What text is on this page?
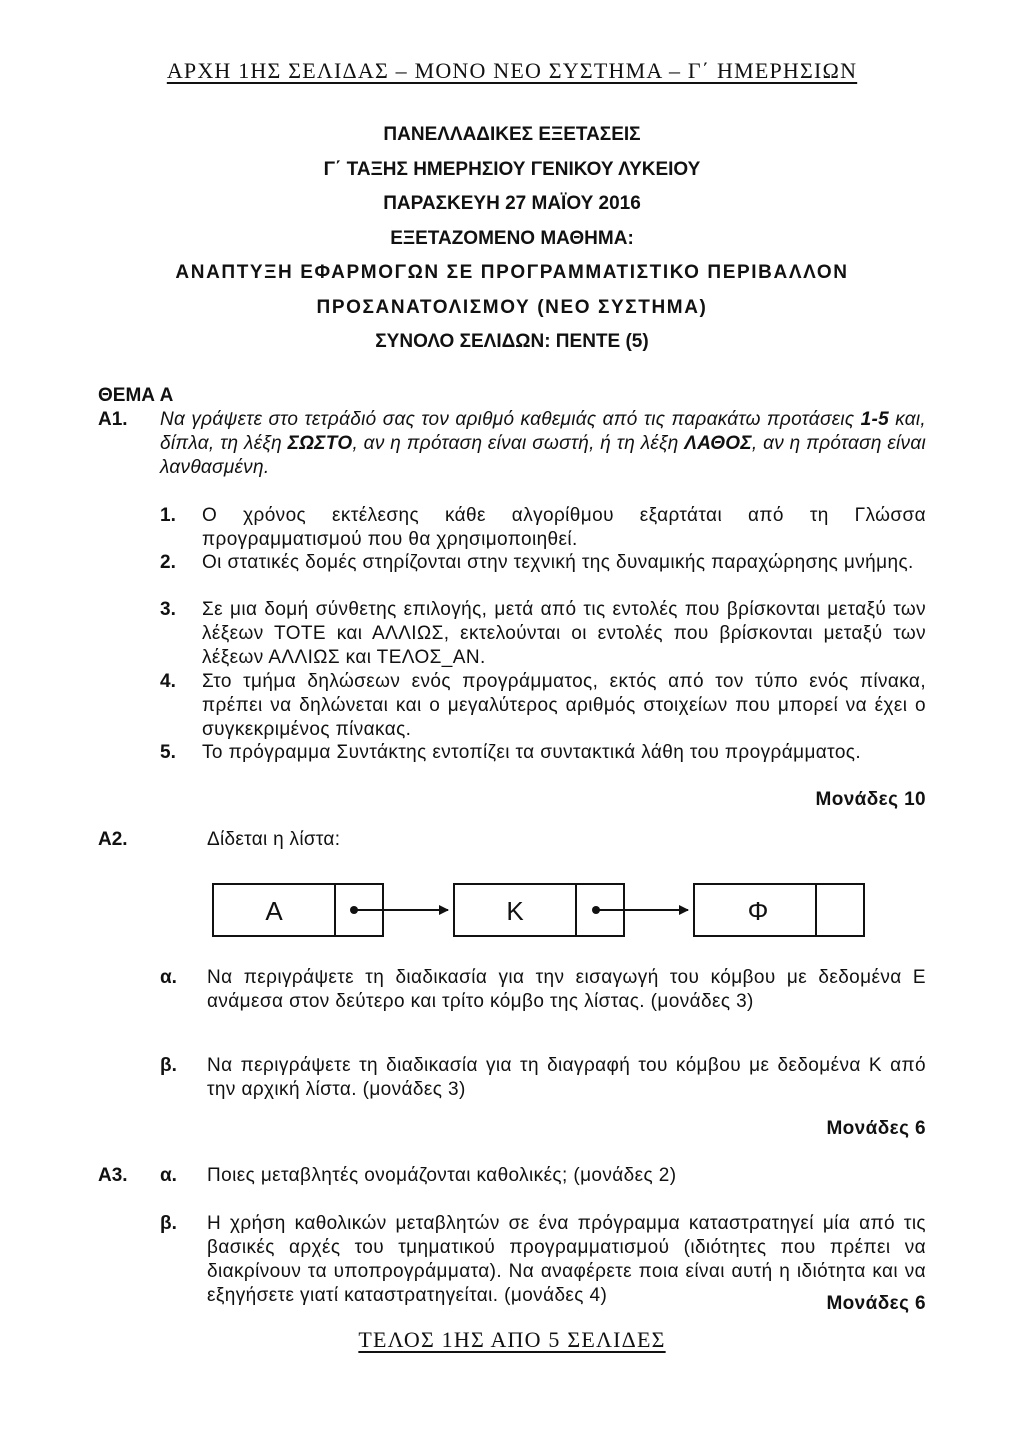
ΑΡΧΗ 1ΗΣ ΣΕΛΙΔΑΣ – ΜΟΝΟ ΝΕΟ ΣΥΣΤΗΜΑ – Γ΄ ΗΜΕΡΗΣΙΩΝ
ΠΑΝΕΛΛΑΔΙΚΕΣ ΕΞΕΤΑΣΕΙΣ
Γ΄ ΤΑΞΗΣ ΗΜΕΡΗΣΙΟΥ ΓΕΝΙΚΟΥ ΛΥΚΕΙΟΥ
ΠΑΡΑΣΚΕΥΗ 27 ΜΑΪΟΥ 2016
ΕΞΕΤΑΖΟΜΕΝΟ ΜΑΘΗΜΑ:
ΑΝΑΠΤΥΞΗ ΕΦΑΡΜΟΓΩΝ ΣΕ ΠΡΟΓΡΑΜΜΑΤΙΣΤΙΚΟ ΠΕΡΙΒΑΛΛΟΝ
ΠΡΟΣΑΝΑΤΟΛΙΣΜΟΥ (ΝΕΟ ΣΥΣΤΗΜΑ)
ΣΥΝΟΛΟ ΣΕΛΙΔΩΝ: ΠΕΝΤΕ (5)
ΘΕΜΑ Α
Α1. Να γράψετε στο τετράδιό σας τον αριθμό καθεμιάς από τις παρακάτω προτάσεις 1-5 και, δίπλα, τη λέξη ΣΩΣΤΟ, αν η πρόταση είναι σωστή, ή τη λέξη ΛΑΘΟΣ, αν η πρόταση είναι λανθασμένη.
1. Ο χρόνος εκτέλεσης κάθε αλγορίθμου εξαρτάται από τη Γλώσσα προγραμματισμού που θα χρησιμοποιηθεί.
2. Οι στατικές δομές στηρίζονται στην τεχνική της δυναμικής παραχώρησης μνήμης.
3. Σε μια δομή σύνθετης επιλογής, μετά από τις εντολές που βρίσκονται μεταξύ των λέξεων ΤΟΤΕ και ΑΛΛΙΩΣ, εκτελούνται οι εντολές που βρίσκονται μεταξύ των λέξεων ΑΛΛΙΩΣ και ΤΕΛΟΣ_ΑΝ.
4. Στο τμήμα δηλώσεων ενός προγράμματος, εκτός από τον τύπο ενός πίνακα, πρέπει να δηλώνεται και ο μεγαλύτερος αριθμός στοιχείων που μπορεί να έχει ο συγκεκριμένος πίνακας.
5. Το πρόγραμμα Συντάκτης εντοπίζει τα συντακτικά λάθη του προγράμματος.
Μονάδες 10
Α2.	Δίδεται η λίστα:
Α	Κ	Φ
α. Να περιγράψετε τη διαδικασία για την εισαγωγή του κόμβου με δεδομένα Ε ανάμεσα στον δεύτερο και τρίτο κόμβο της λίστας. (μονάδες 3)
β. Να περιγράψετε τη διαδικασία για τη διαγραφή του κόμβου με δεδομένα Κ από την αρχική λίστα. (μονάδες 3)
Μονάδες 6
Α3. α. Ποιες μεταβλητές ονομάζονται καθολικές; (μονάδες 2)
β. Η χρήση καθολικών μεταβλητών σε ένα πρόγραμμα καταστρατηγεί μία από τις βασικές αρχές του τμηματικού προγραμματισμού (ιδιότητες που πρέπει να διακρίνουν τα υποπρογράμματα). Να αναφέρετε ποια είναι αυτή η ιδιότητα και να εξηγήσετε γιατί καταστρατηγείται. (μονάδες 4)	Μονάδες 6
ΤΕΛΟΣ 1ΗΣ ΑΠΟ 5 ΣΕΛΙΔΕΣ
